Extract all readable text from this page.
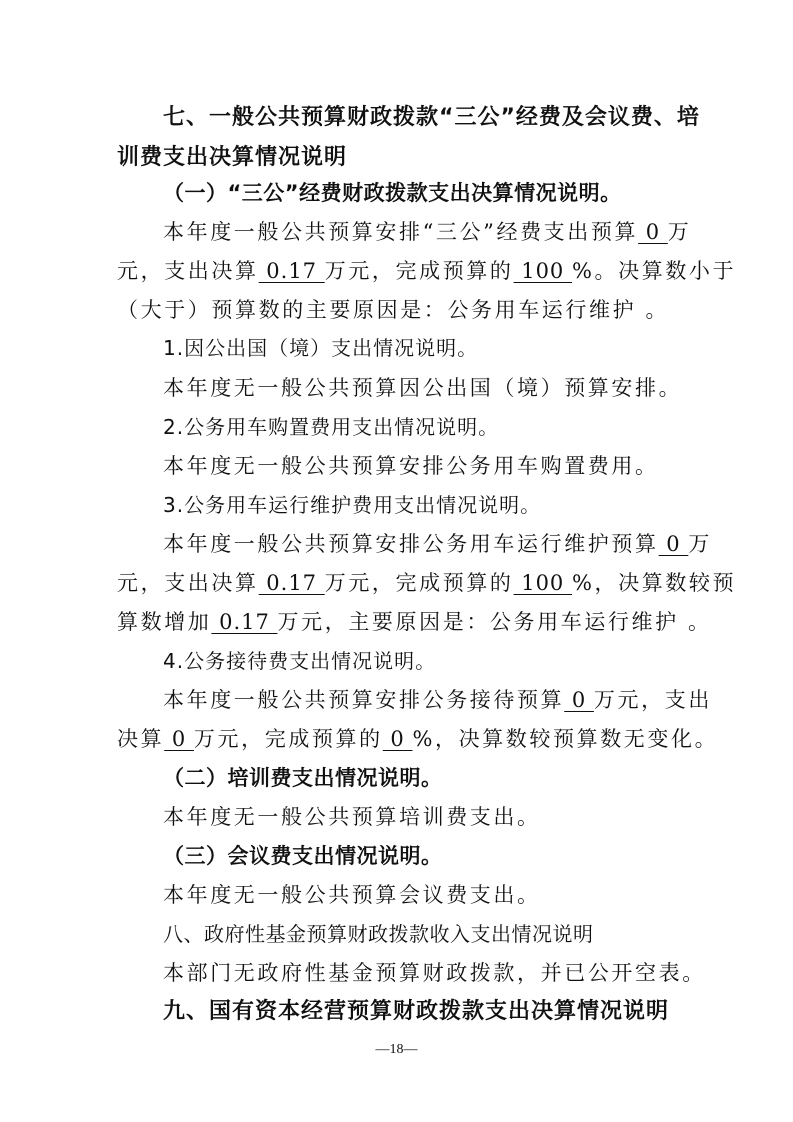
七、一般公共预算财政拨款“三公”经费及会议费、培
训费支出决算情况说明
（一）“三公”经费财政拨款支出决算情况说明。
本年度一般公共预算安排“三公”经费支出预算 0 万
元，支出决算 0.17 万元，完成预算的 100 %。决算数小于
（大于）预算数的主要原因是：公务用车运行维护 。
1.因公出国（境）支出情况说明。
本年度无一般公共预算因公出国（境）预算安排。
2.公务用车购置费用支出情况说明。
本年度无一般公共预算安排公务用车购置费用。
3.公务用车运行维护费用支出情况说明。
本年度一般公共预算安排公务用车运行维护预算 0 万
元，支出决算 0.17 万元，完成预算的 100 %，决算数较预
算数增加 0.17 万元，主要原因是：公务用车运行维护 。
4.公务接待费支出情况说明。
本年度一般公共预算安排公务接待预算 0 万元，支出
决算 0 万元，完成预算的 0 %，决算数较预算数无变化。
（二）培训费支出情况说明。
本年度无一般公共预算培训费支出。
（三）会议费支出情况说明。
本年度无一般公共预算会议费支出。
八、政府性基金预算财政拨款收入支出情况说明
本部门无政府性基金预算财政拨款，并已公开空表。
九、国有资本经营预算财政拨款支出决算情况说明
—18—
